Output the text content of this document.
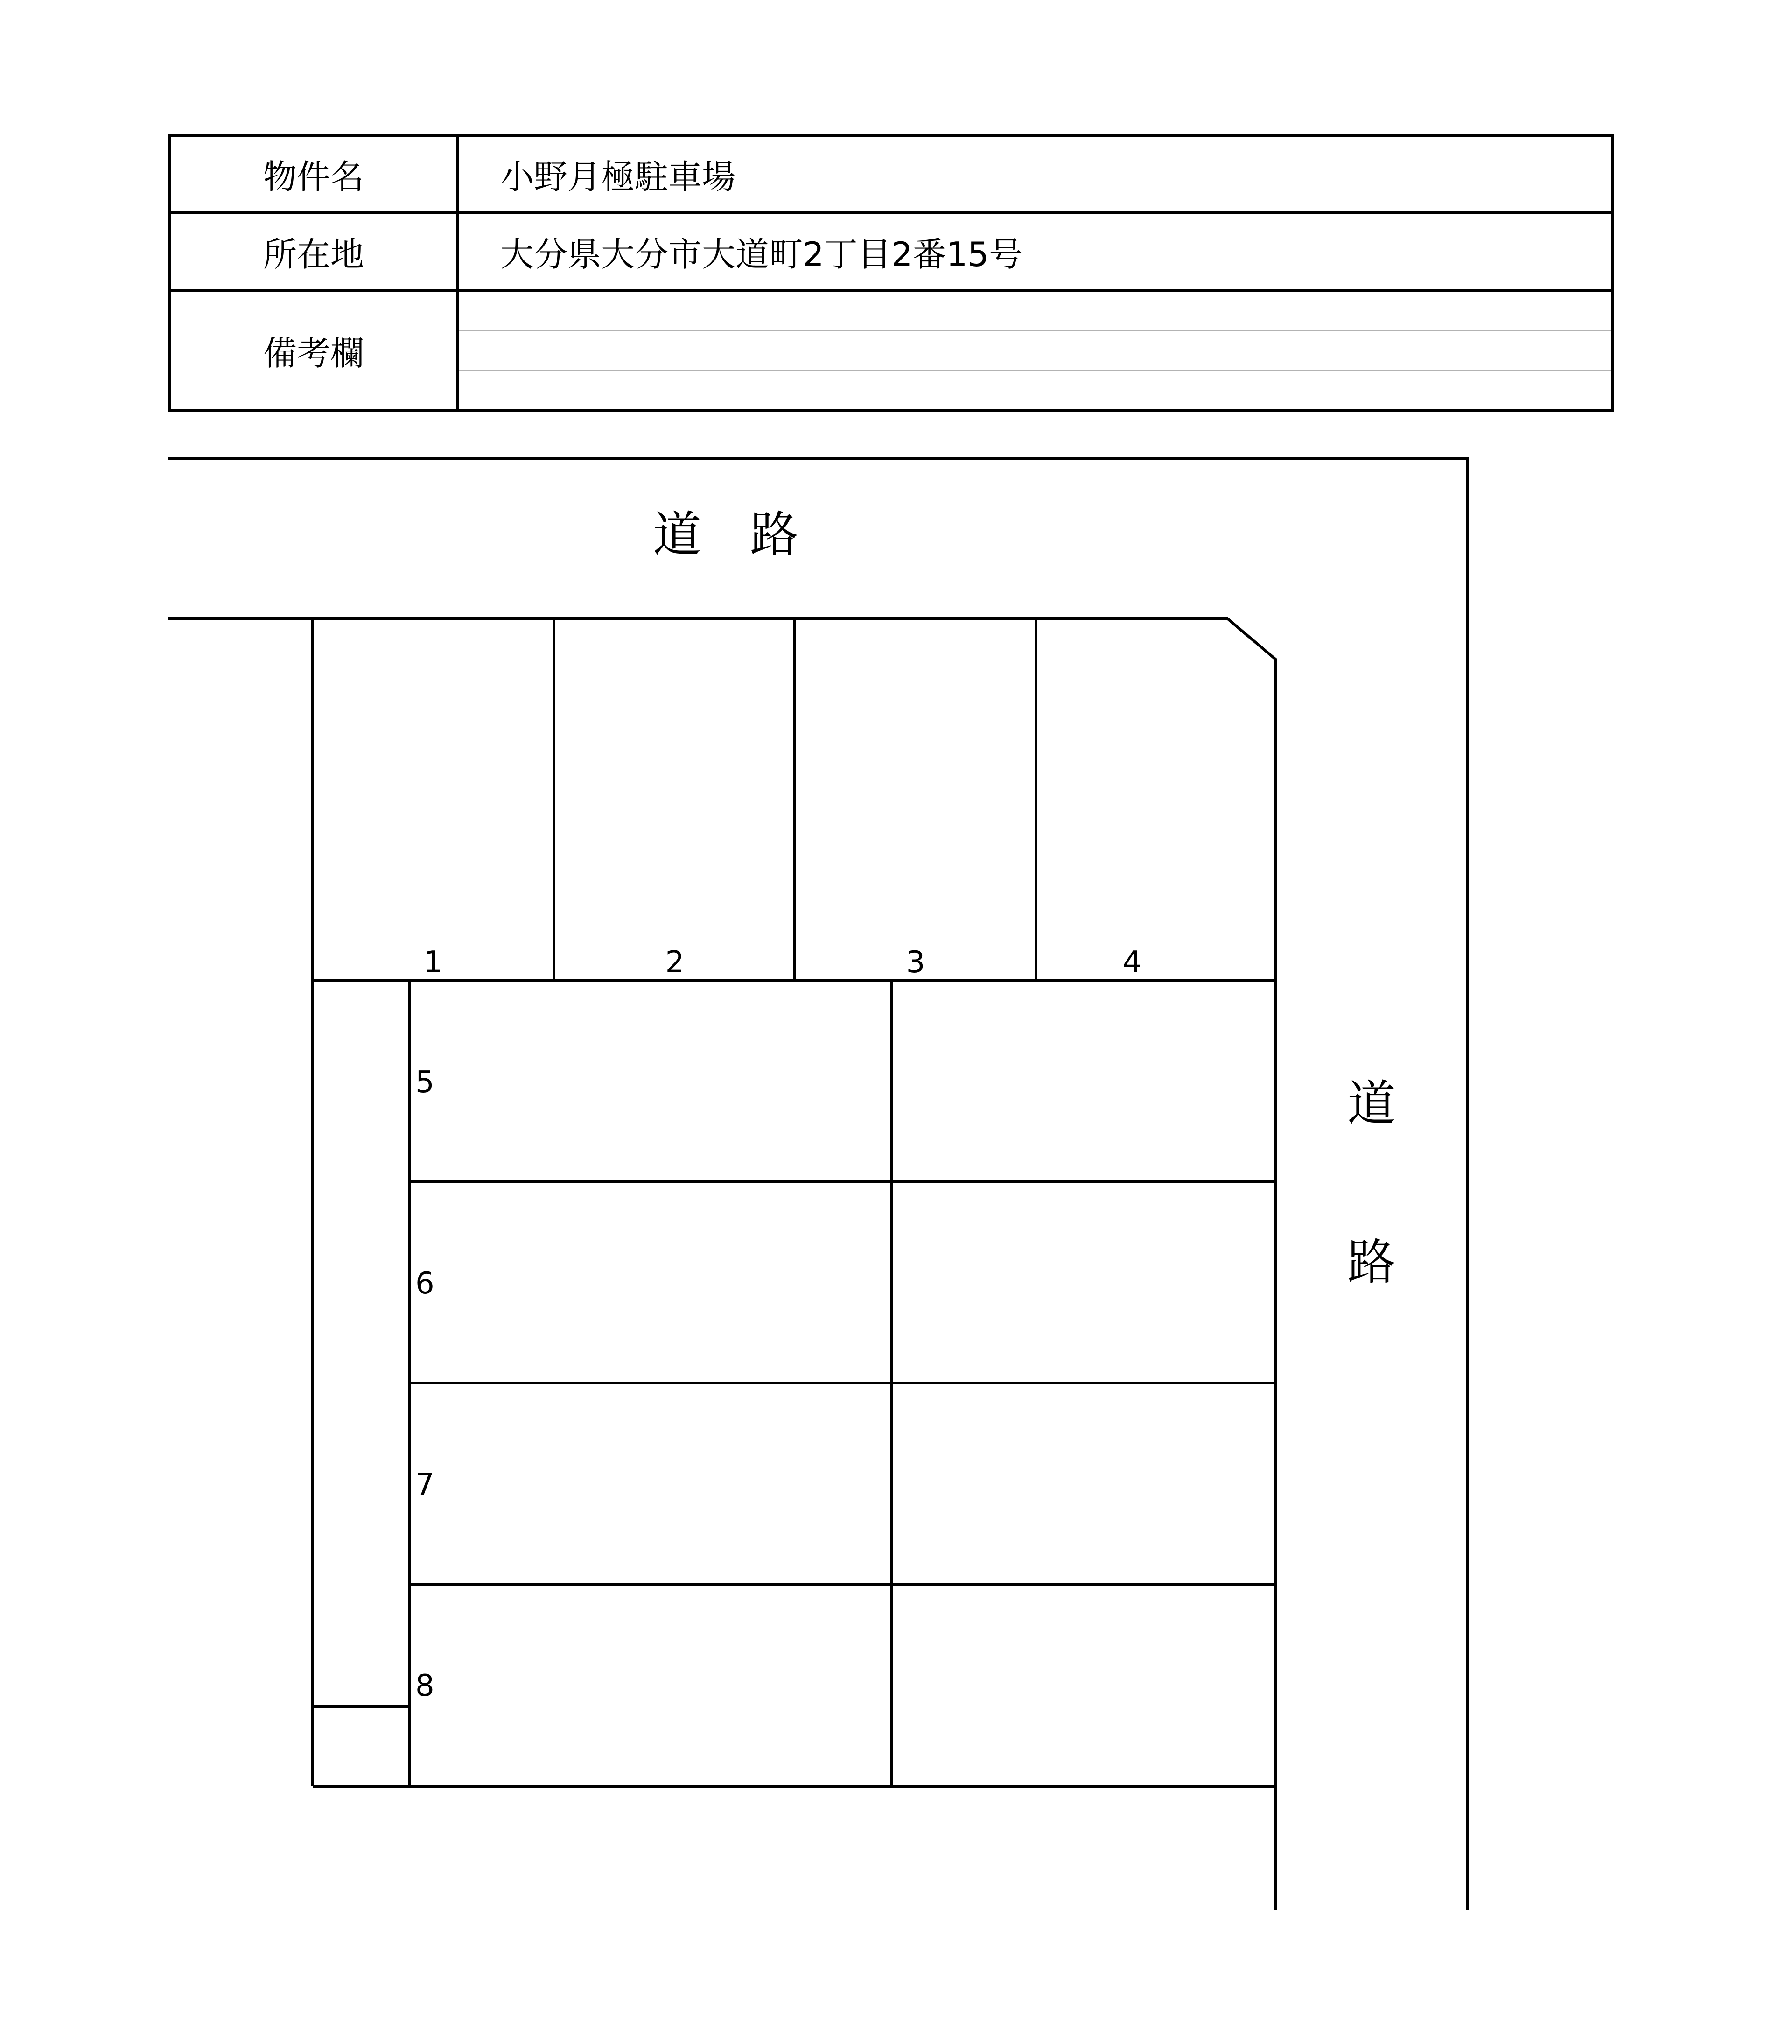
物件名	小野月極駐車場
所在地	大分県大分市大道町2丁目2番15号
備考欄	
道　路
道
路
1	2	3	4
5
6
7
8
